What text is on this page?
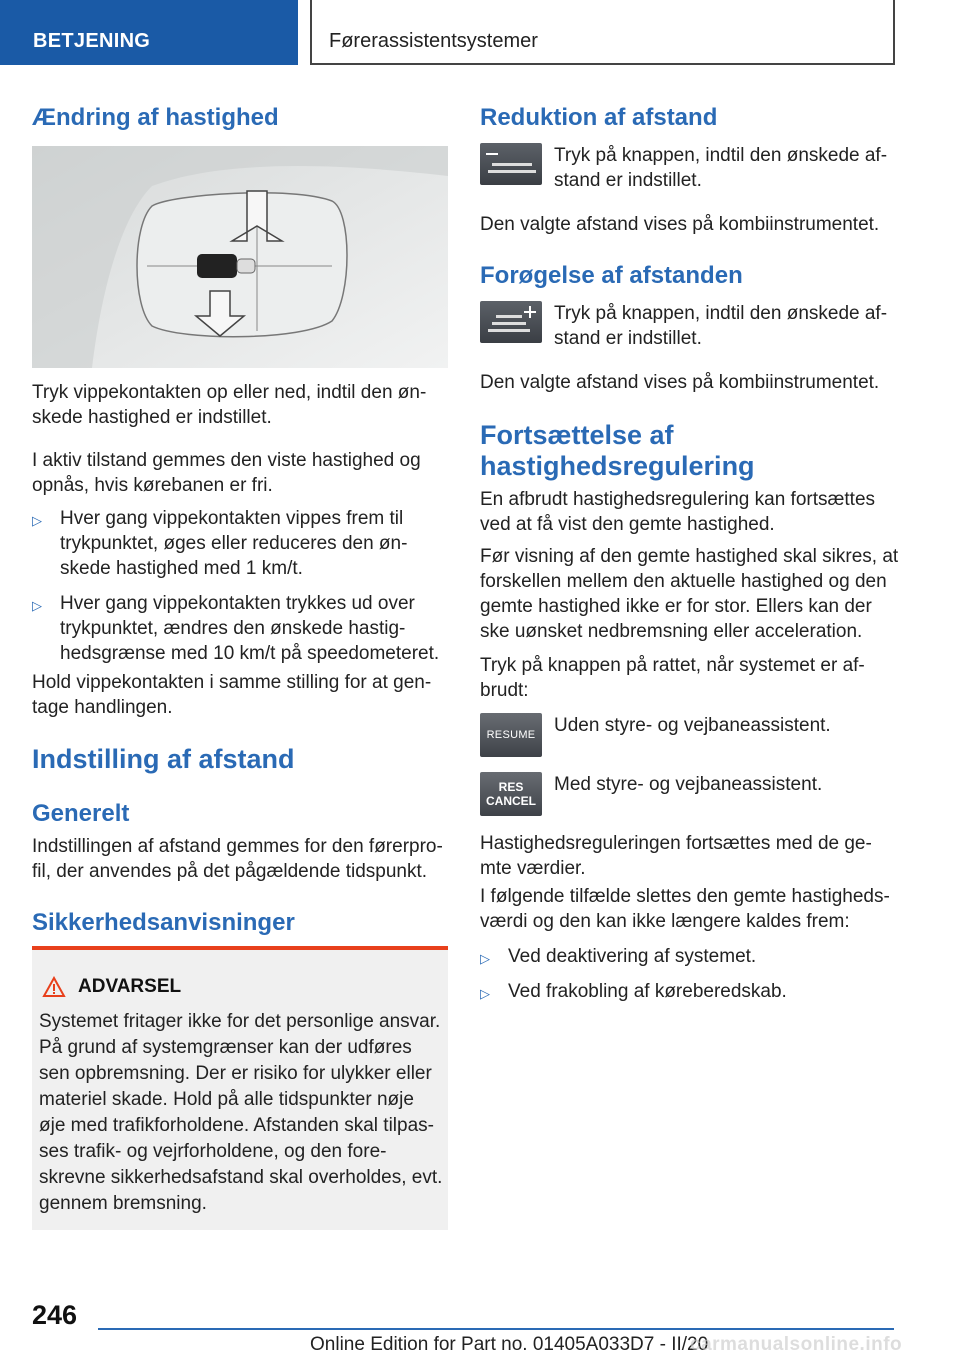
BETJENING	Førerassistentsystemer
Ændring af hastighed
Tryk vippekontakten op eller ned, indtil den øn-
skede hastighed er indstillet.
I aktiv tilstand gemmes den viste hastighed og
opnås, hvis kørebanen er fri.
▷ Hver gang vippekontakten vippes frem til
trykpunktet, øges eller reduceres den øn-
skede hastighed med 1 km/t.
▷ Hver gang vippekontakten trykkes ud over
trykpunktet, ændres den ønskede hastig-
hedsgrænse med 10 km/t på speedometeret.
Hold vippekontakten i samme stilling for at gen-
tage handlingen.
Indstilling af afstand
Generelt
Indstillingen af afstand gemmes for den førerpro-
fil, der anvendes på det pågældende tidspunkt.
Sikkerhedsanvisninger
ADVARSEL
Systemet fritager ikke for det personlige ansvar.
På grund af systemgrænser kan der udføres
sen opbremsning. Der er risiko for ulykker eller
materiel skade. Hold på alle tidspunkter nøje
øje med trafikforholdene. Afstanden skal tilpas-
ses trafik- og vejrforholdene, og den fore-
skrevne sikkerhedsafstand skal overholdes, evt.
gennem bremsning.
Reduktion af afstand
Tryk på knappen, indtil den ønskede af-
stand er indstillet.
Den valgte afstand vises på kombiinstrumentet.
Forøgelse af afstanden
Tryk på knappen, indtil den ønskede af-
stand er indstillet.
Den valgte afstand vises på kombiinstrumentet.
Fortsættelse af
hastighedsregulering
En afbrudt hastighedsregulering kan fortsættes
ved at få vist den gemte hastighed.
Før visning af den gemte hastighed skal sikres, at
forskellen mellem den aktuelle hastighed og den
gemte hastighed ikke er for stor. Ellers kan der
ske uønsket nedbremsning eller acceleration.
Tryk på knappen på rattet, når systemet er af-
brudt:
RESUME Uden styre- og vejbaneassistent.
RES
CANCEL
Med styre- og vejbaneassistent.
Hastighedsreguleringen fortsættes med de ge-
mte værdier.
I følgende tilfælde slettes den gemte hastigheds-
værdi og den kan ikke længere kaldes frem:
▷ Ved deaktivering af systemet.
▷ Ved frakobling af køreberedskab.
246
Online Edition for Part no. 01405A033D7 - II/20
carmanualsonline.info
